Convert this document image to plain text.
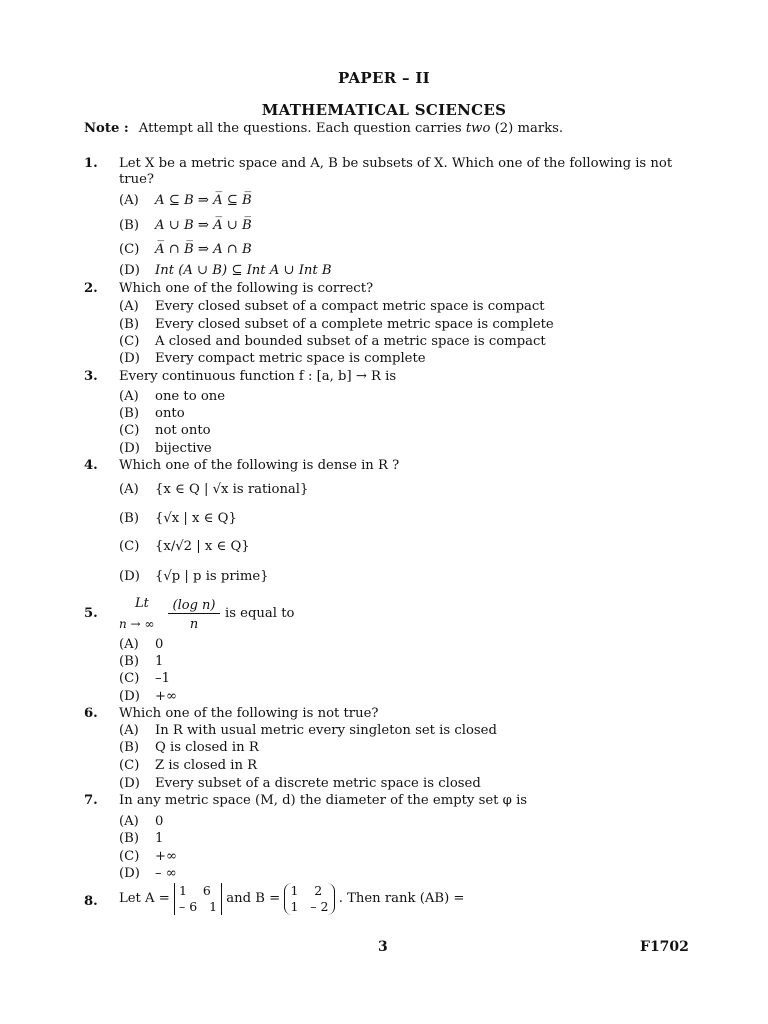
PAPER – II
MATHEMATICAL SCIENCES
Note : Attempt all the questions. Each question carries two (2) marks.
1.	Let X be a metric space and A, B be subsets of X. Which one of the following is not true?
(A) A ⊆ B ⇒ A̅ ⊆ B̅
(B) A ∪ B ⇒ A̅ ∪ B̅
(C) A̅ ∩ B̅ ⇒ A ∩ B
(D) Int (A ∪ B) ⊆ Int A ∪ Int B
2.	Which one of the following is correct?
(A) Every closed subset of a compact metric space is compact
(B) Every closed subset of a complete metric space is complete
(C) A closed and bounded subset of a metric space is compact
(D) Every compact metric space is complete
3.	Every continuous function f : [a, b] → R is
(A) one to one
(B) onto
(C) not onto
(D) bijective
4.	Which one of the following is dense in R ?
(A) {x ∈ Q | √x is rational}
(B) {√x | x ∈ Q}
(C) {x/√2 | x ∈ Q}
(D) {√p | p is prime}
5.
Lt
n → ∞
(log n)
n
is equal to
(A) 0
(B) 1
(C) –1
(D) +∞
6.	Which one of the following is not true?
(A) In R with usual metric every singleton set is closed
(B) Q is closed in R
(C) Z is closed in R
(D) Every subset of a discrete metric space is closed
7.	In any metric space (M, d) the diameter of the empty set φ is
(A) 0
(B) 1
(C) +∞
(D) – ∞
8.	Let A =
1    6
– 6   1
and B =
1    2
1   – 2
. Then rank (AB) =
3	F1702
